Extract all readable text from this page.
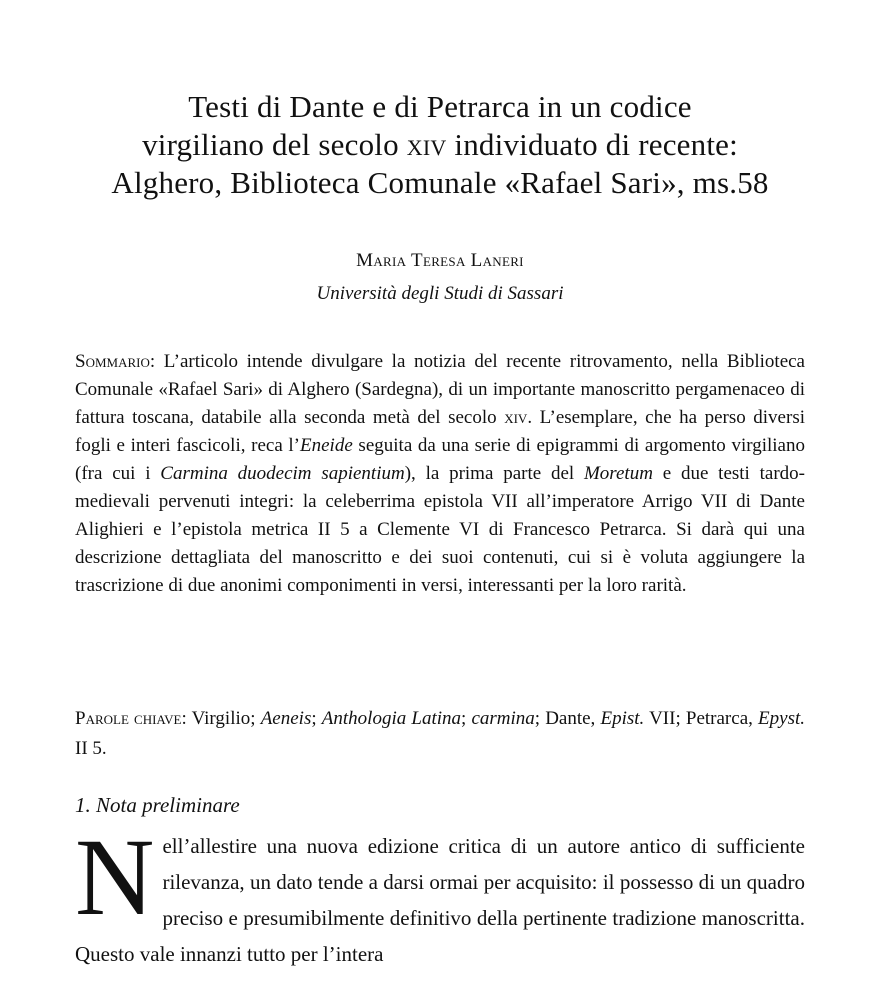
Testi di Dante e di Petrarca in un codice
virgiliano del secolo xiv individuato di recente:
Alghero, Biblioteca Comunale «Rafael Sari», ms.58
Maria Teresa Laneri
Università degli Studi di Sassari

Sommario: L’articolo intende divulgare la notizia del recente ritrovamento, nella Biblioteca Comunale «Rafael Sari» di Alghero (Sardegna), di un importante manoscritto pergamenaceo di fattura toscana, databile alla seconda metà del secolo xiv. L’esemplare, che ha perso diversi fogli e interi fascicoli, reca l’Eneide seguita da una serie di epigrammi di argomento virgiliano (fra cui i Carmina duodecim sapientium), la prima parte del Moretum e due testi tardo-medievali pervenuti integri: la celeberrima epistola VII all’imperatore Arrigo VII di Dante Alighieri e l’epistola metrica II 5 a Clemente VI di Francesco Petrarca. Si darà qui una descrizione dettagliata del manoscritto e dei suoi contenuti, cui si è voluta aggiungere la trascrizione di due anonimi componimenti in versi, interessanti per la loro rarità.

Parole chiave: Virgilio; Aeneis; Anthologia Latina; carmina; Dante, Epist. VII; Petrarca, Epyst. II 5.

1. Nota preliminare

Nell’allestire una nuova edizione critica di un autore antico di sufficiente rilevanza, un dato tende a darsi ormai per acquisito: il possesso di un quadro preciso e presumibilmente definitivo della pertinente tradizione manoscritta. Questo vale innanzi tutto per l’intera
